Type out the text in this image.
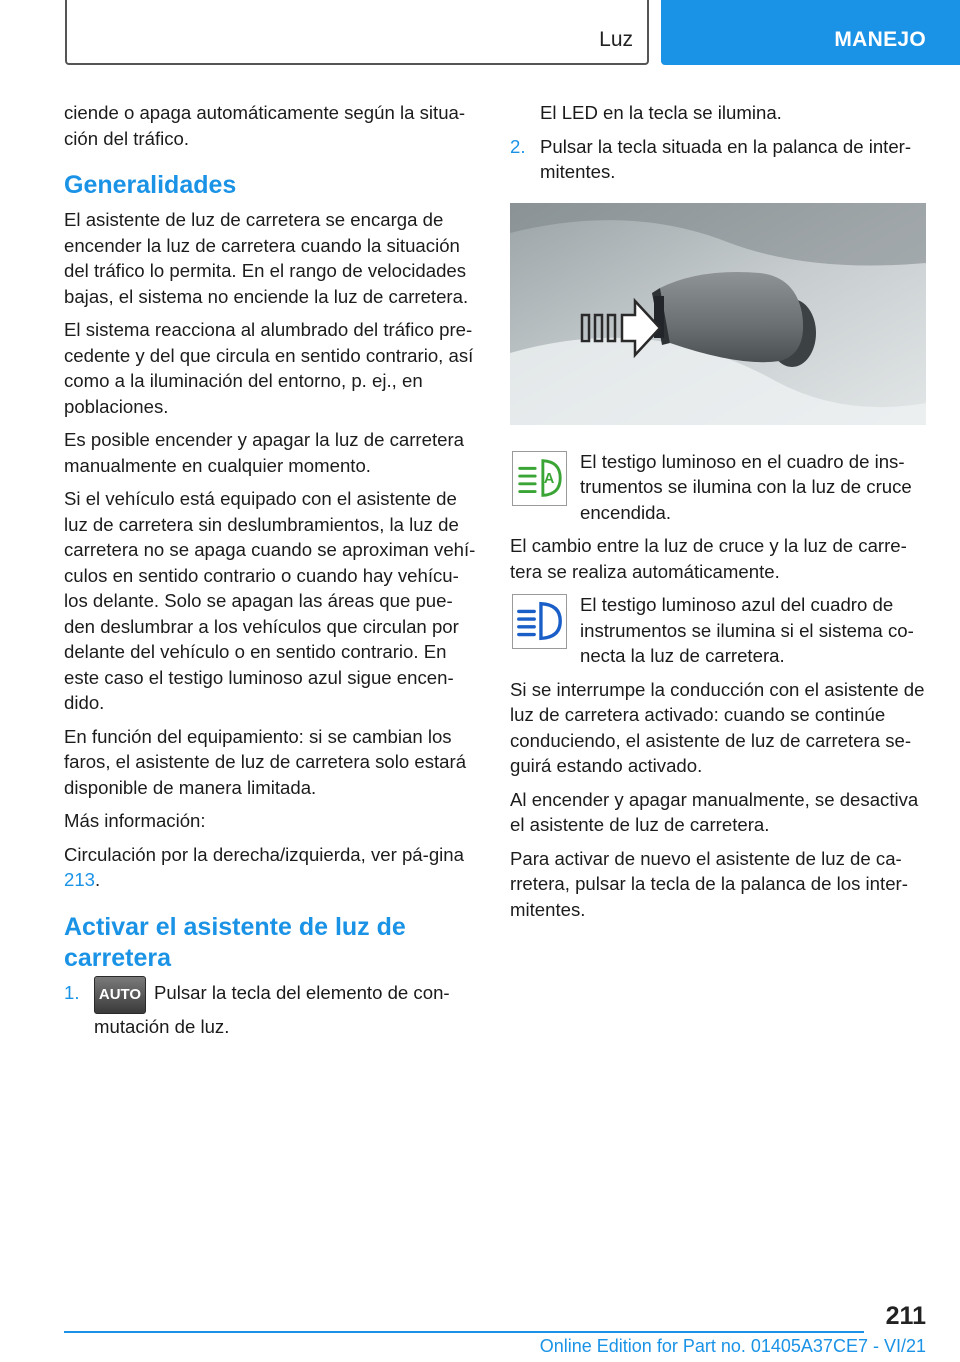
Luz	MANEJO

ciende o apaga automáticamente según la situa-ción del tráfico.

Generalidades

El asistente de luz de carretera se encarga de encender la luz de carretera cuando la situación del tráfico lo permita. En el rango de velocidades bajas, el sistema no enciende la luz de carretera.

El sistema reacciona al alumbrado del tráfico pre-cedente y del que circula en sentido contrario, así como a la iluminación del entorno, p. ej., en poblaciones.

Es posible encender y apagar la luz de carretera manualmente en cualquier momento.

Si el vehículo está equipado con el asistente de luz de carretera sin deslumbramientos, la luz de carretera no se apaga cuando se aproximan vehí-culos en sentido contrario o cuando hay vehícu-los delante. Solo se apagan las áreas que pue-den deslumbrar a los vehículos que circulan por delante del vehículo o en sentido contrario. En este caso el testigo luminoso azul sigue encen-dido.

En función del equipamiento: si se cambian los faros, el asistente de luz de carretera solo estará disponible de manera limitada.

Más información:

Circulación por la derecha/izquierda, ver pá-gina 213.

Activar el asistente de luz de carretera
1. AUTO Pulsar la tecla del elemento de con-mutación de luz.
El LED en la tecla se ilumina.
2. Pulsar la tecla situada en la palanca de inter-mitentes.
A
El testigo luminoso en el cuadro de ins-trumentos se ilumina con la luz de cruce encendida.

El cambio entre la luz de cruce y la luz de carre-tera se realiza automáticamente.

El testigo luminoso azul del cuadro de instrumentos se ilumina si el sistema co-necta la luz de carretera.

Si se interrumpe la conducción con el asistente de luz de carretera activado: cuando se continúe conduciendo, el asistente de luz de carretera se-guirá estando activado.

Al encender y apagar manualmente, se desactiva el asistente de luz de carretera.

Para activar de nuevo el asistente de luz de ca-rretera, pulsar la tecla de la palanca de los inter-mitentes.

211
Online Edition for Part no. 01405A37CE7 - VI/21
